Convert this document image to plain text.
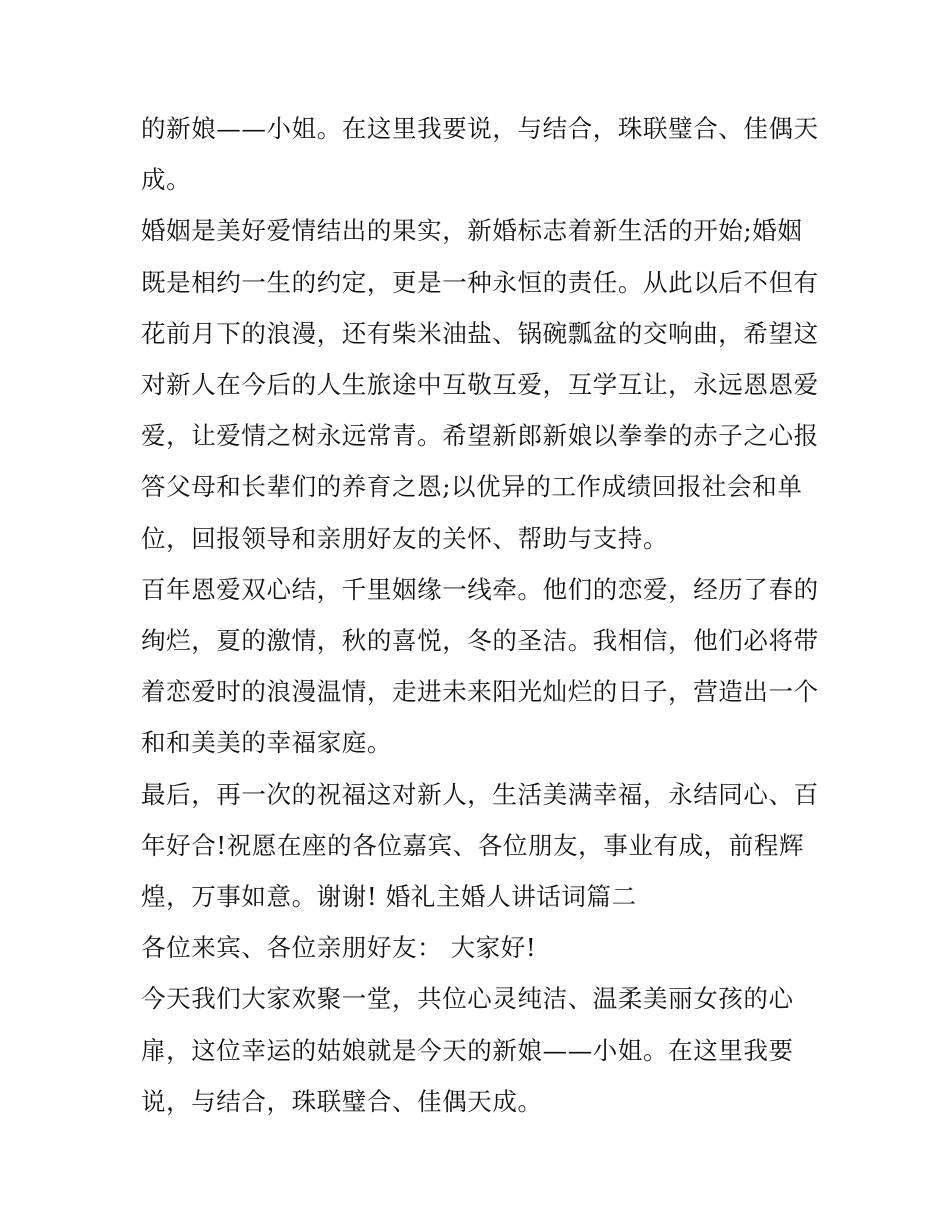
的新娘——小姐。在这里我要说，与结合，珠联璧合、佳偶天成。

婚姻是美好爱情结出的果实，新婚标志着新生活的开始;婚姻既是相约一生的约定，更是一种永恒的责任。从此以后不但有花前月下的浪漫，还有柴米油盐、锅碗瓢盆的交响曲，希望这对新人在今后的人生旅途中互敬互爱，互学互让，永远恩恩爱爱，让爱情之树永远常青。希望新郎新娘以拳拳的赤子之心报答父母和长辈们的养育之恩;以优异的工作成绩回报社会和单位，回报领导和亲朋好友的关怀、帮助与支持。

百年恩爱双心结，千里姻缘一线牵。他们的恋爱，经历了春的绚烂，夏的激情，秋的喜悦，冬的圣洁。我相信，他们必将带着恋爱时的浪漫温情，走进未来阳光灿烂的日子，营造出一个和和美美的幸福家庭。

最后，再一次的祝福这对新人，生活美满幸福，永结同心、百年好合!祝愿在座的各位嘉宾、各位朋友，事业有成，前程辉煌，万事如意。谢谢! 婚礼主婚人讲话词篇二

各位来宾、各位亲朋好友： 大家好!

今天我们大家欢聚一堂，共位心灵纯洁、温柔美丽女孩的心扉，这位幸运的姑娘就是今天的新娘——小姐。在这里我要说，与结合，珠联璧合、佳偶天成。
